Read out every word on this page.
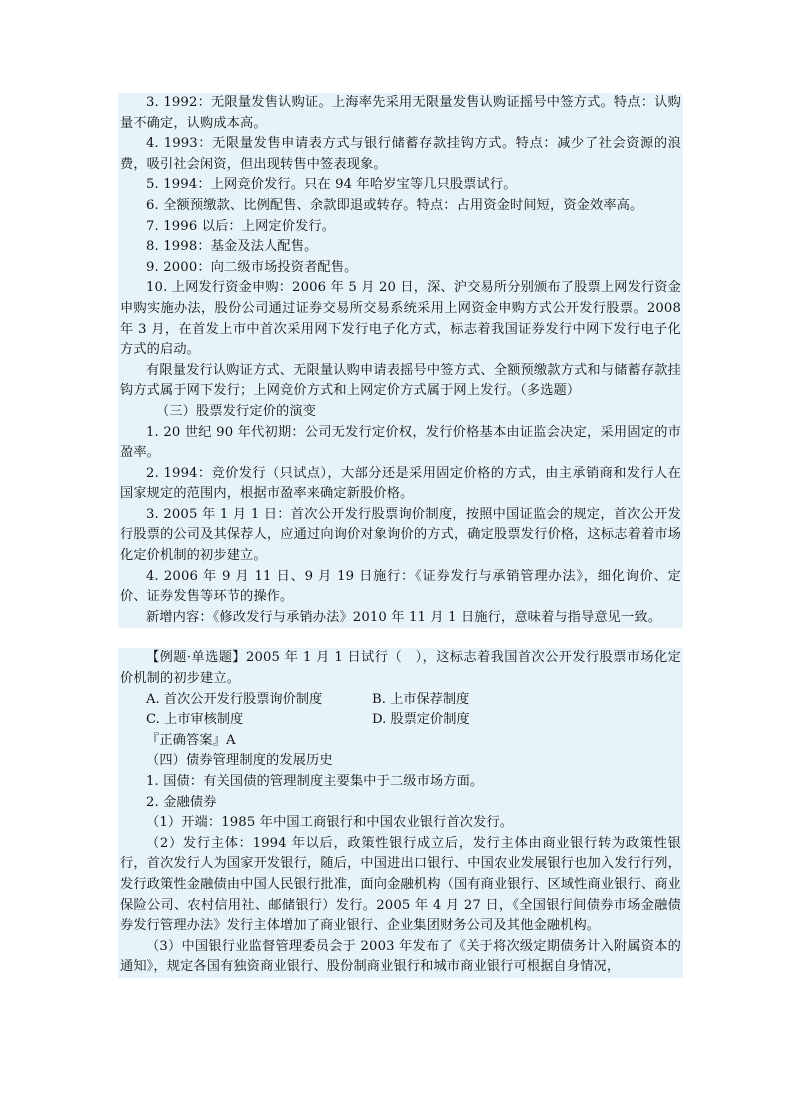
3. 1992：无限量发售认购证。上海率先采用无限量发售认购证摇号中签方式。特点：认购量不确定，认购成本高。

4. 1993：无限量发售申请表方式与银行储蓄存款挂钩方式。特点：减少了社会资源的浪费，吸引社会闲资，但出现转售中签表现象。

5. 1994：上网竞价发行。只在 94 年哈岁宝等几只股票试行。

6. 全额预缴款、比例配售、余款即退或转存。特点：占用资金时间短，资金效率高。

7. 1996 以后：上网定价发行。

8. 1998：基金及法人配售。

9. 2000：向二级市场投资者配售。

10. 上网发行资金申购：2006 年 5 月 20 日，深、沪交易所分别颁布了股票上网发行资金申购实施办法，股份公司通过证券交易所交易系统采用上网资金申购方式公开发行股票。2008 年 3 月，在首发上市中首次采用网下发行电子化方式，标志着我国证券发行中网下发行电子化方式的启动。

有限量发行认购证方式、无限量认购申请表摇号中签方式、全额预缴款方式和与储蓄存款挂钩方式属于网下发行；上网竞价方式和上网定价方式属于网上发行。（多选题）

（三）股票发行定价的演变

1. 20 世纪 90 年代初期：公司无发行定价权，发行价格基本由证监会决定，采用固定的市盈率。

2. 1994：竞价发行（只试点），大部分还是采用固定价格的方式，由主承销商和发行人在国家规定的范围内，根据市盈率来确定新股价格。

3. 2005 年 1 月 1 日：首次公开发行股票询价制度，按照中国证监会的规定，首次公开发行股票的公司及其保荐人，应通过向询价对象询价的方式，确定股票发行价格，这标志着着市场化定价机制的初步建立。

4. 2006 年 9 月 11 日、9 月 19 日施行：《证券发行与承销管理办法》，细化询价、定价、证券发售等环节的操作。

新增内容：《修改发行与承销办法》2010 年 11 月 1 日施行，意味着与指导意见一致。

【例题·单选题】2005 年 1 月 1 日试行（　），这标志着我国首次公开发行股票市场化定价机制的初步建立。

A. 首次公开发行股票询价制度	B. 上市保荐制度
C. 上市审核制度	D. 股票定价制度

『正确答案』A

（四）债券管理制度的发展历史

1. 国债：有关国债的管理制度主要集中于二级市场方面。

2. 金融债券

（1）开端：1985 年中国工商银行和中国农业银行首次发行。

（2）发行主体：1994 年以后，政策性银行成立后，发行主体由商业银行转为政策性银行，首次发行人为国家开发银行，随后，中国进出口银行、中国农业发展银行也加入发行行列，发行政策性金融债由中国人民银行批准，面向金融机构（国有商业银行、区域性商业银行、商业保险公司、农村信用社、邮储银行）发行。2005 年 4 月 27 日，《全国银行间债券市场金融债券发行管理办法》发行主体增加了商业银行、企业集团财务公司及其他金融机构。

（3）中国银行业监督管理委员会于 2003 年发布了《关于将次级定期债务计入附属资本的通知》，规定各国有独资商业银行、股份制商业银行和城市商业银行可根据自身情况，
